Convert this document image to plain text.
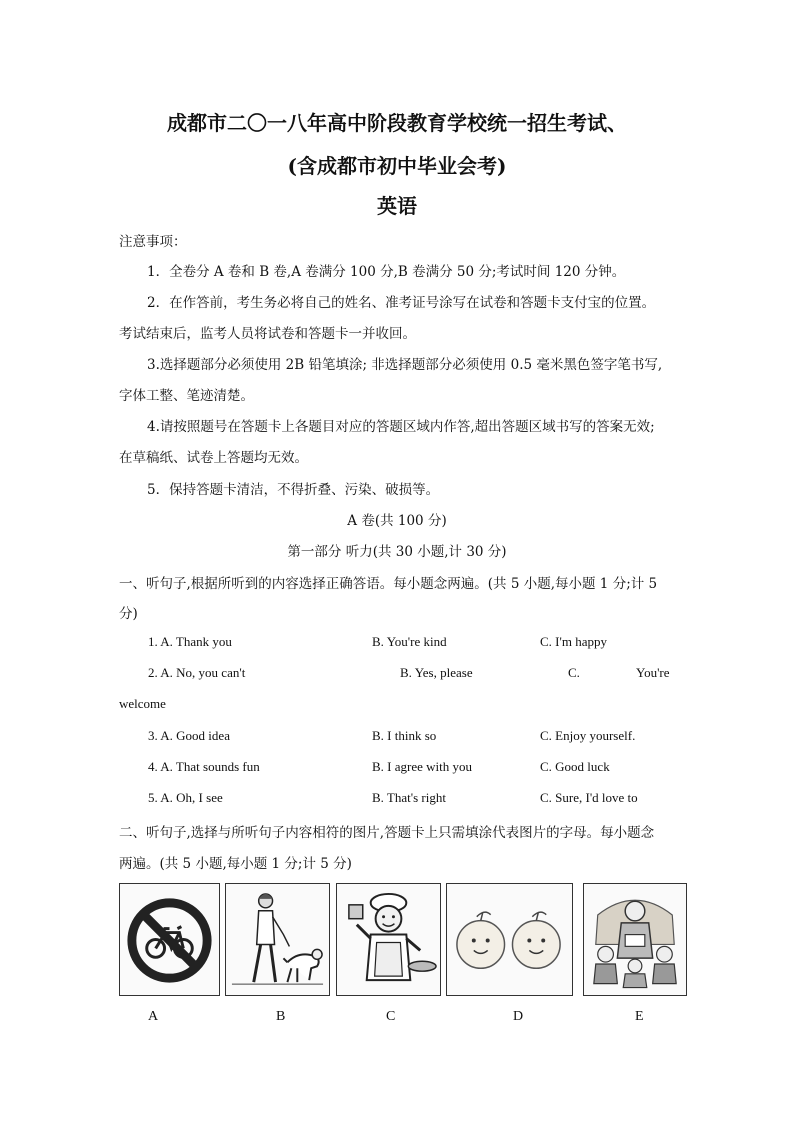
成都市二〇一八年高中阶段教育学校统一招生考试、
(含成都市初中毕业会考)
英语
注意事项：
1．全卷分 A 卷和 B 卷,A 卷满分 100 分,B 卷满分 50 分;考试时间 120 分钟。
2．在作答前，考生务必将自己的姓名、准考证号涂写在试卷和答题卡支付宝的位置。
考试结束后，监考人员将试卷和答题卡一并收回。
3.选择题部分必须使用 2B 铅笔填涂; 非选择题部分必须使用 0.5 毫米黑色签字笔书写,
字体工整、笔迹清楚。
4.请按照题号在答题卡上各题目对应的答题区域内作答,超出答题区域书写的答案无效;
在草稿纸、试卷上答题均无效。
5．保持答题卡清洁，不得折叠、污染、破损等。
A 卷(共 100 分)
第一部分 听力(共 30 小题,计 30 分)
一、听句子,根据所听到的内容选择正确答语。每小题念两遍。(共 5 小题,每小题 1 分;计 5
分)
1. A. Thank you	B. You're kind	C. I'm happy
2. A. No, you can't	B. Yes, please	C.	You're
welcome
3. A. Good idea	B. I think so	C. Enjoy yourself.
4. A. That sounds fun	B. I agree with you	C. Good luck
5. A. Oh, I see	B. That's right	C. Sure, I'd love to
二、听句子,选择与所听句子内容相符的图片,答题卡上只需填涂代表图片的字母。每小题念
两遍。(共 5 小题,每小题 1 分;计 5 分)
A	B	C	D	E
